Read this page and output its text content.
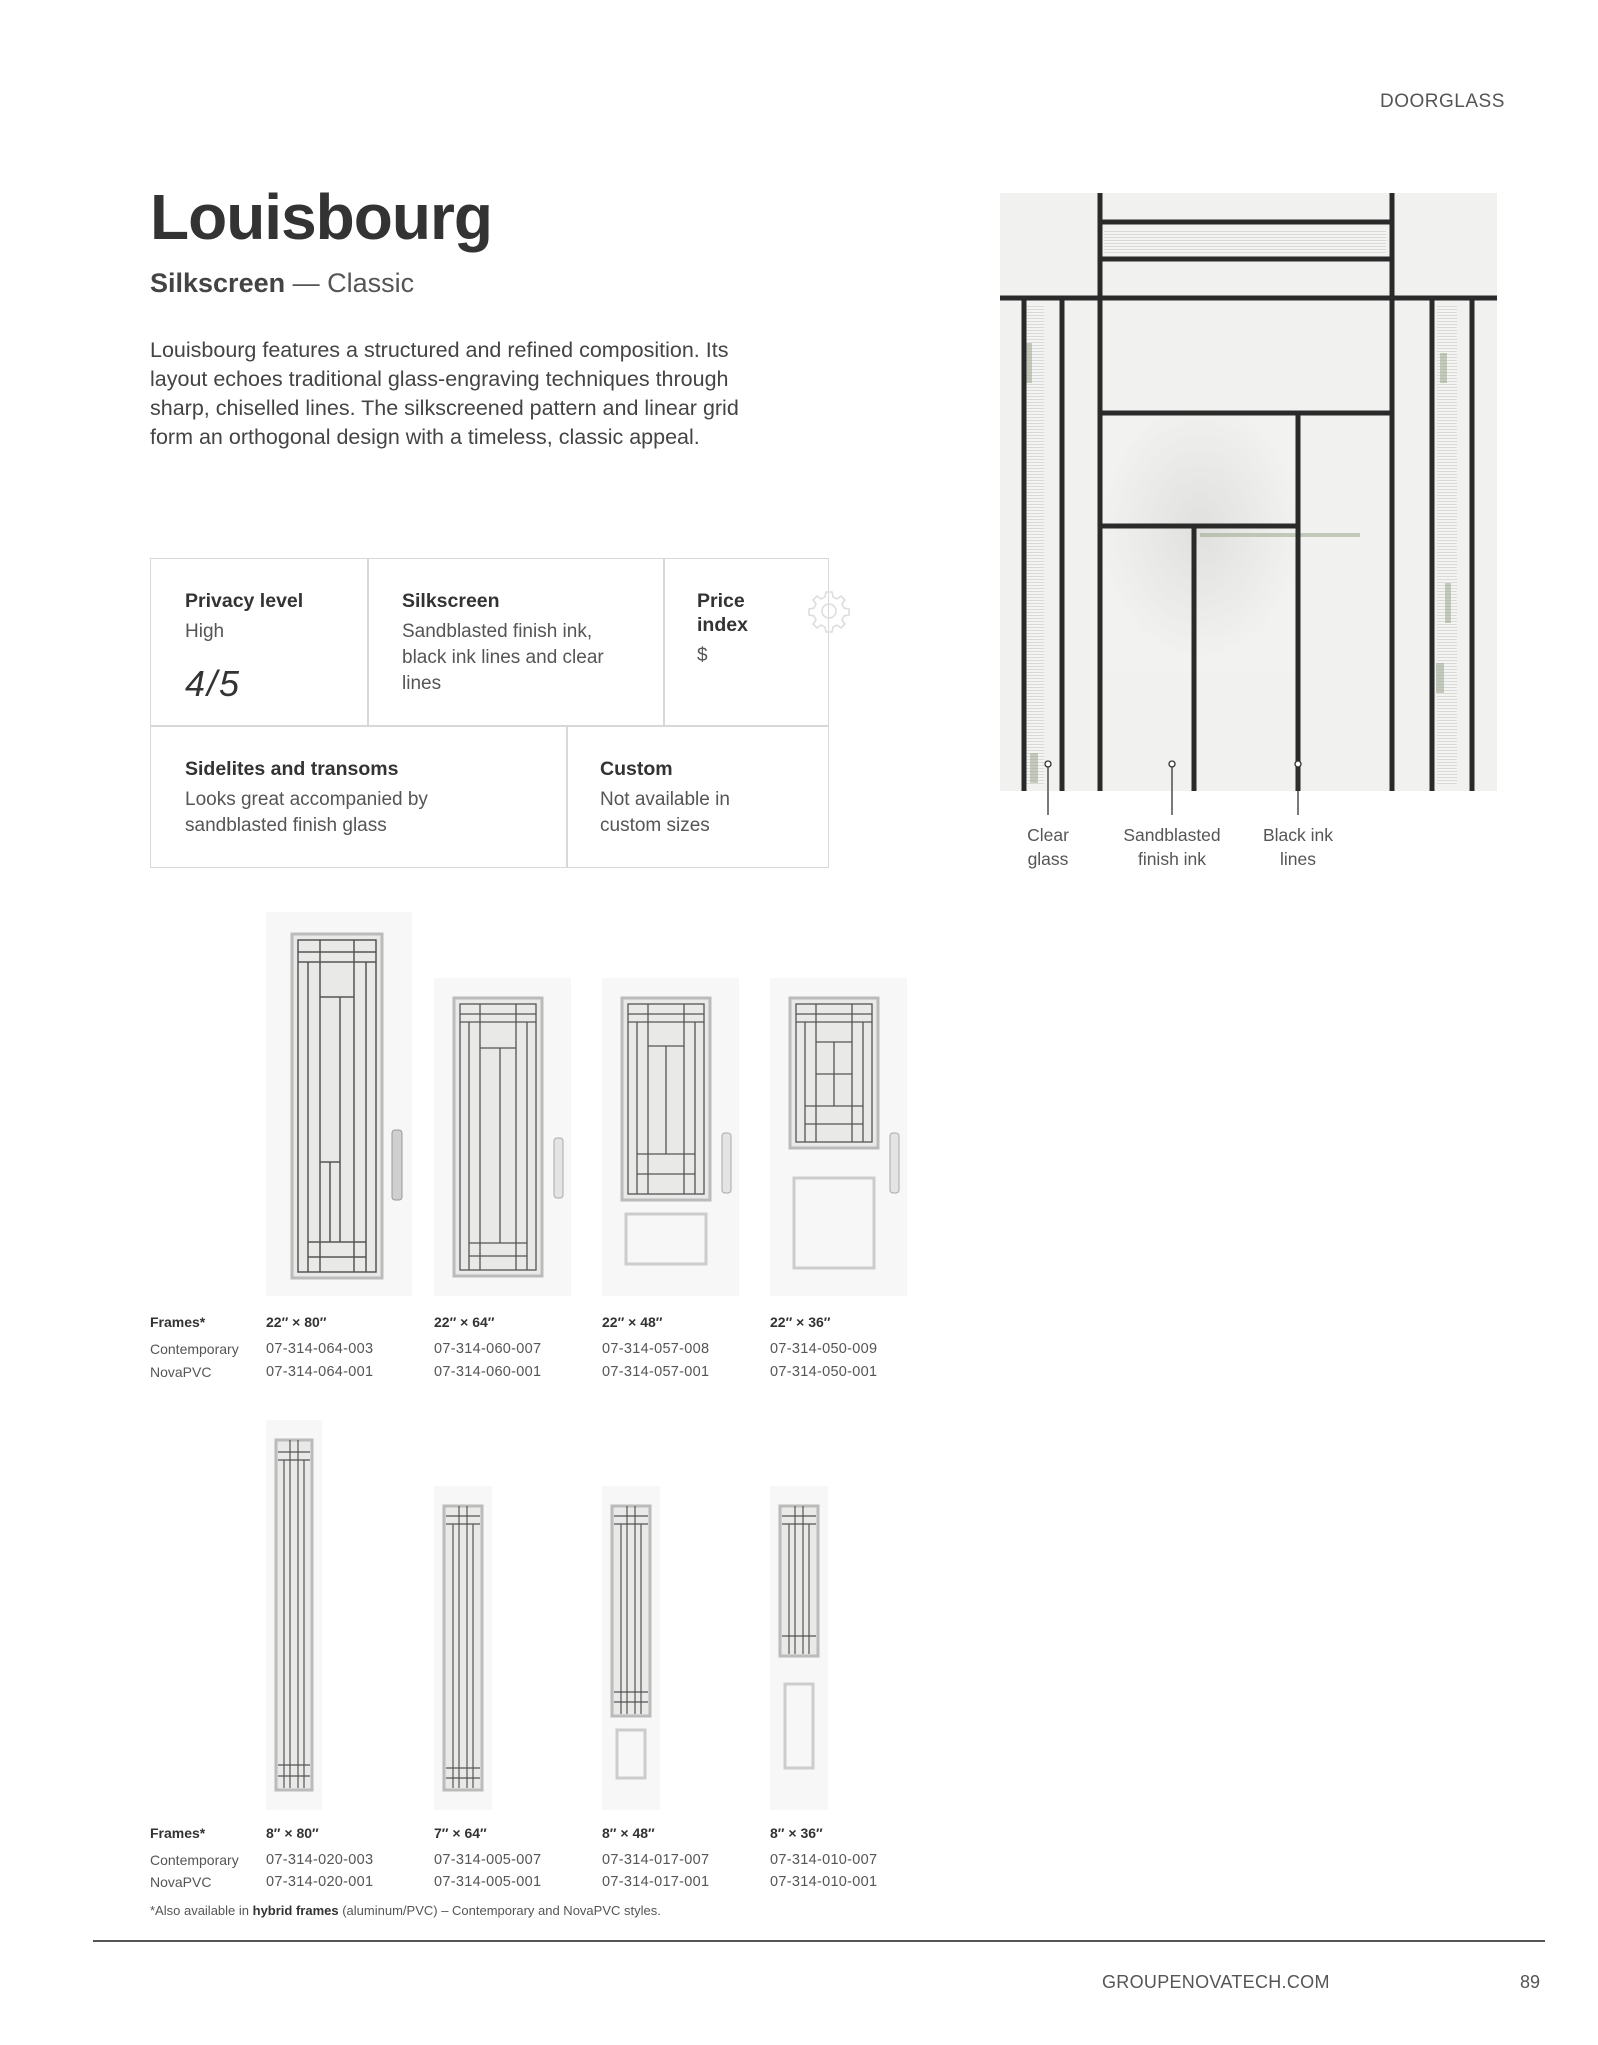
DOORGLASS
Louisbourg
Silkscreen — Classic
Louisbourg features a structured and refined composition. Its layout echoes traditional glass-engraving techniques through sharp, chiselled lines. The silkscreened pattern and linear grid form an orthogonal design with a timeless, classic appeal.
Privacy level
High
4/5
Silkscreen
Sandblasted finish ink, black ink lines and clear lines
Price index
$
Sidelites and transoms
Looks great accompanied by sandblasted finish glass
Custom
Not available in custom sizes	Clear glass
Sandblasted finish ink
Black ink lines
Frames*
Contemporary
NovaPVC
22″ × 80″
07-314-064-003
07-314-064-001
22″ × 64″
07-314-060-007
07-314-060-001
22″ × 48″
07-314-057-008
07-314-057-001
22″ × 36″
07-314-050-009
07-314-050-001
Frames*
Contemporary
NovaPVC
8″ × 80″
07-314-020-003
07-314-020-001
7″ × 64″
07-314-005-007
07-314-005-001
8″ × 48″
07-314-017-007
07-314-017-001
8″ × 36″
07-314-010-007
07-314-010-001
*Also available in hybrid frames (aluminum/PVC) – Contemporary and NovaPVC styles.
GROUPENOVATECH.COM	89
